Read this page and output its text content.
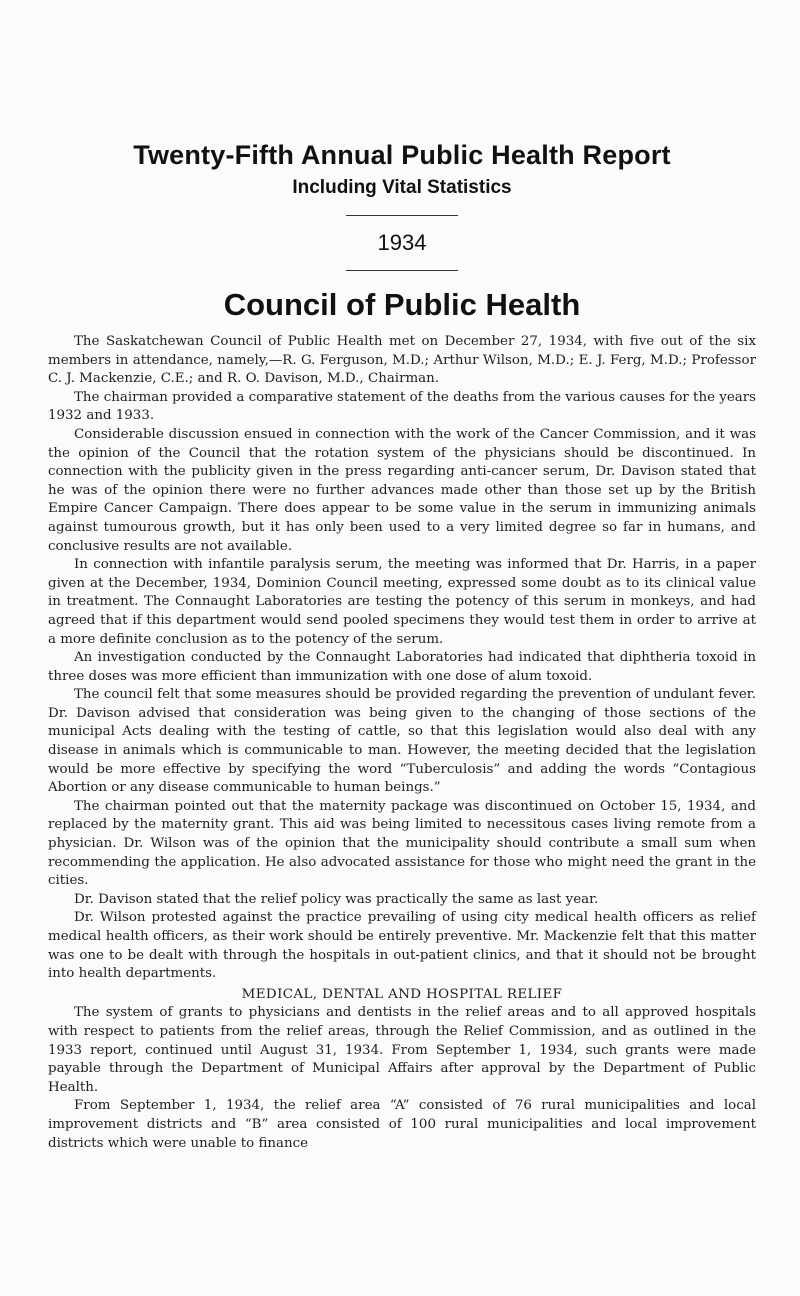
Twenty-Fifth Annual Public Health Report
Including Vital Statistics
1934
Council of Public Health

The Saskatchewan Council of Public Health met on December 27, 1934, with five out of the six members in attendance, namely,—R. G. Ferguson, M.D.; Arthur Wilson, M.D.; E. J. Ferg, M.D.; Professor C. J. Mackenzie, C.E.; and R. O. Davison, M.D., Chairman.

The chairman provided a comparative statement of the deaths from the various causes for the years 1932 and 1933.

Considerable discussion ensued in connection with the work of the Cancer Commission, and it was the opinion of the Council that the rotation system of the physicians should be discontinued. In connection with the publicity given in the press regarding anti-cancer serum, Dr. Davison stated that he was of the opinion there were no further advances made other than those set up by the British Empire Cancer Campaign. There does appear to be some value in the serum in immunizing animals against tumourous growth, but it has only been used to a very limited degree so far in humans, and conclusive results are not available.

In connection with infantile paralysis serum, the meeting was informed that Dr. Harris, in a paper given at the December, 1934, Dominion Council meeting, expressed some doubt as to its clinical value in treatment. The Connaught Laboratories are testing the potency of this serum in monkeys, and had agreed that if this department would send pooled specimens they would test them in order to arrive at a more definite conclusion as to the potency of the serum.

An investigation conducted by the Connaught Laboratories had indicated that diphtheria toxoid in three doses was more efficient than immunization with one dose of alum toxoid.

The council felt that some measures should be provided regarding the prevention of undulant fever. Dr. Davison advised that consideration was being given to the changing of those sections of the municipal Acts dealing with the testing of cattle, so that this legislation would also deal with any disease in animals which is communicable to man. However, the meeting decided that the legislation would be more effective by specifying the word “Tuberculosis” and adding the words “Contagious Abortion or any disease communicable to human beings.”

The chairman pointed out that the maternity package was discontinued on October 15, 1934, and replaced by the maternity grant. This aid was being limited to necessitous cases living remote from a physician. Dr. Wilson was of the opinion that the municipality should contribute a small sum when recommending the application. He also advocated assistance for those who might need the grant in the cities.

Dr. Davison stated that the relief policy was practically the same as last year.

Dr. Wilson protested against the practice prevailing of using city medical health officers as relief medical health officers, as their work should be entirely preventive. Mr. Mackenzie felt that this matter was one to be dealt with through the hospitals in out-patient clinics, and that it should not be brought into health departments.

MEDICAL, DENTAL AND HOSPITAL RELIEF

The system of grants to physicians and dentists in the relief areas and to all approved hospitals with respect to patients from the relief areas, through the Relief Commission, and as outlined in the 1933 report, continued until August 31, 1934. From September 1, 1934, such grants were made payable through the Department of Municipal Affairs after approval by the Department of Public Health.

From September 1, 1934, the relief area “A” consisted of 76 rural municipalities and local improvement districts and “B” area consisted of 100 rural municipalities and local improvement districts which were unable to finance
